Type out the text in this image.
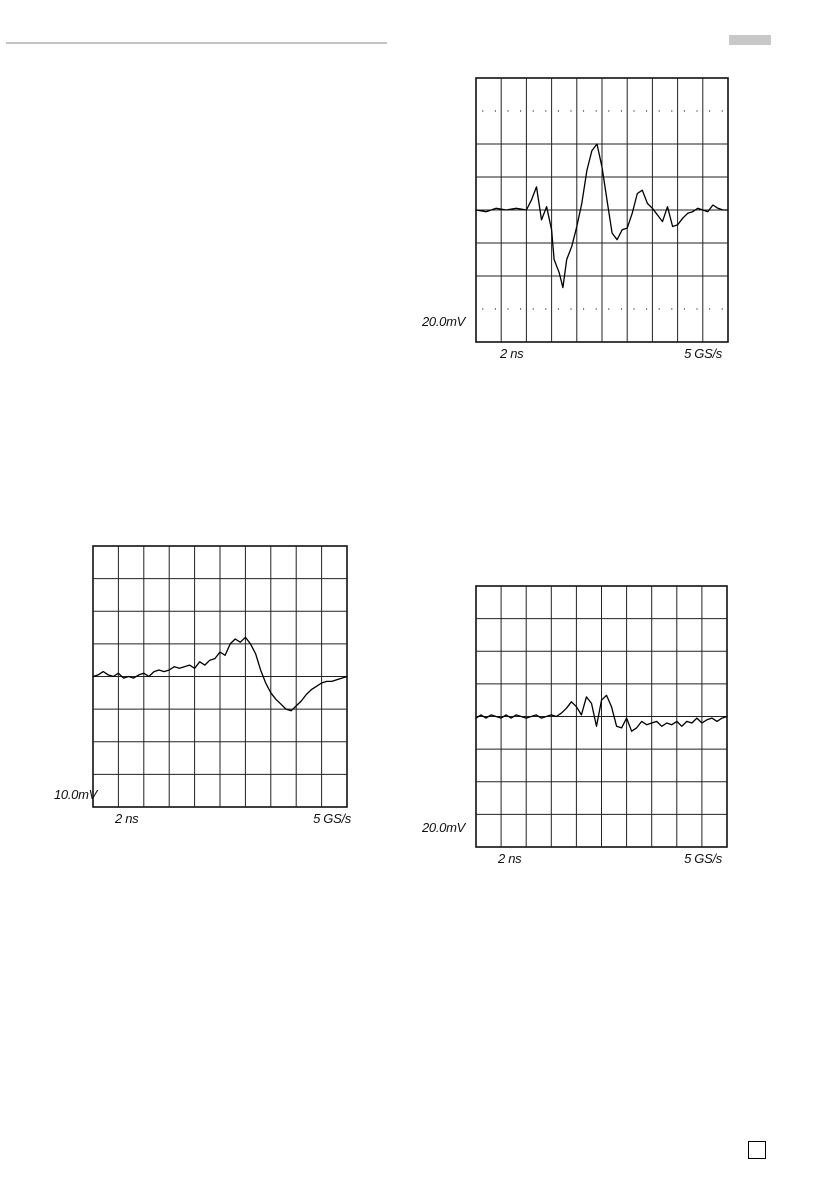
20.0mV
2 ns	5 GS/s
10.0mV
2 ns	5 GS/s
20.0mV
2 ns	5 GS/s
